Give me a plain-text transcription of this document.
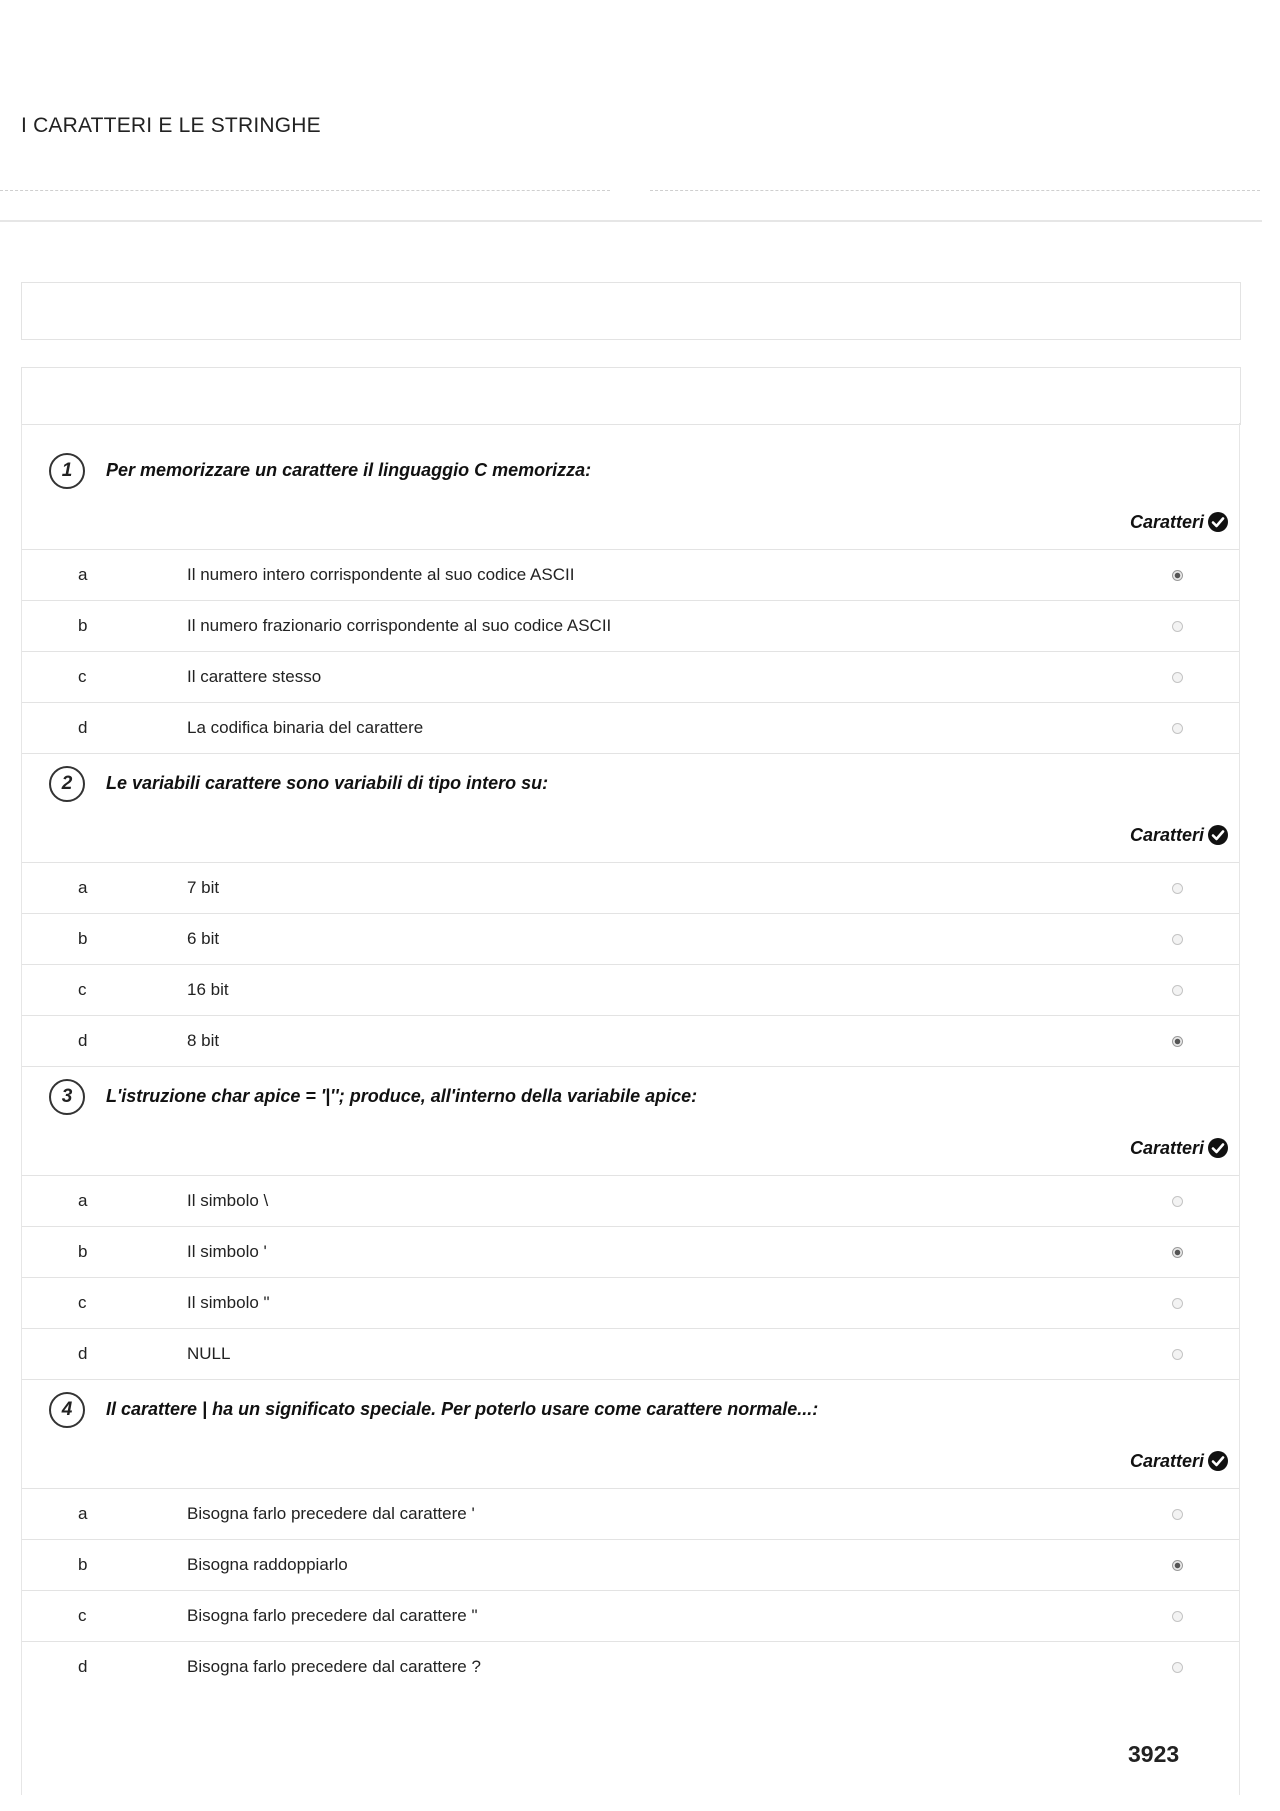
I CARATTERI E LE STRINGHE
1	Per memorizzare un carattere il linguaggio C memorizza:
Caratteri
a	Il numero intero corrispondente al suo codice ASCII
b	Il numero frazionario corrispondente al suo codice ASCII
c	Il carattere stesso
d	La codifica binaria del carattere
2	Le variabili carattere sono variabili di tipo intero su:
Caratteri
a	7 bit
b	6 bit
c	16 bit
d	8 bit
3	L'istruzione char apice = '|''; produce, all'interno della variabile apice:
Caratteri
a	Il simbolo \
b	Il simbolo '
c	Il simbolo "
d	NULL
4	Il carattere | ha un significato speciale. Per poterlo usare come carattere normale...:
Caratteri
a	Bisogna farlo precedere dal carattere '
b	Bisogna raddoppiarlo
c	Bisogna farlo precedere dal carattere "
d	Bisogna farlo precedere dal carattere ?
3923
